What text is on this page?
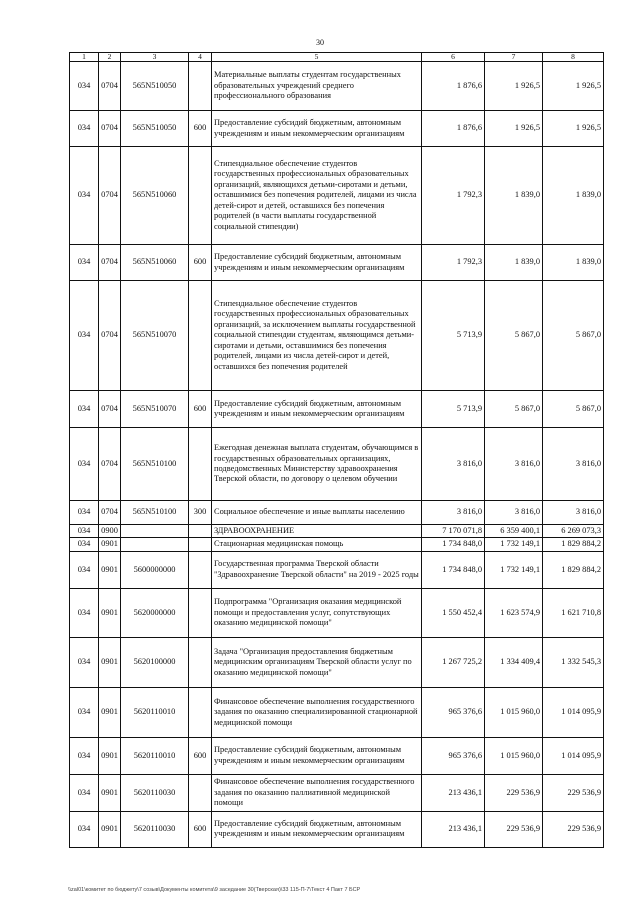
30
1	2	3	4	5	6	7	8
034	0704	565N510050		Материальные выплаты студентам государственных образовательных учреждений среднего профессионального образования	1 876,6	1 926,5	1 926,5
034	0704	565N510050	600	Предоставление субсидий бюджетным, автономным учреждениям и иным некоммерческим организациям	1 876,6	1 926,5	1 926,5
034	0704	565N510060		Стипендиальное обеспечение студентов государственных профессиональных образовательных организаций, являющихся детьми-сиротами и детьми, оставшимися без попечения родителей, лицами из числа детей-сирот и детей, оставшихся без попечения родителей (в части выплаты государственной социальной стипендии)	1 792,3	1 839,0	1 839,0
034	0704	565N510060	600	Предоставление субсидий бюджетным, автономным учреждениям и иным некоммерческим организациям	1 792,3	1 839,0	1 839,0
034	0704	565N510070		Стипендиальное обеспечение студентов государственных профессиональных образовательных организаций, за исключением выплаты государственной социальной стипендии студентам, являющимся детьми-сиротами и детьми, оставшимися без попечения родителей, лицами из числа детей-сирот и детей, оставшихся без попечения родителей	5 713,9	5 867,0	5 867,0
034	0704	565N510070	600	Предоставление субсидий бюджетным, автономным учреждениям и иным некоммерческим организациям	5 713,9	5 867,0	5 867,0
034	0704	565N510100		Ежегодная денежная выплата студентам, обучающимся в государственных образовательных организациях, подведомственных Министерству здравоохранения Тверской области, по договору о целевом обучении	3 816,0	3 816,0	3 816,0
034	0704	565N510100	300	Социальное обеспечение и иные выплаты населению	3 816,0	3 816,0	3 816,0
034	0900			ЗДРАВООХРАНЕНИЕ	7 170 071,8	6 359 400,1	6 269 073,3
034	0901			Стационарная медицинская помощь	1 734 848,0	1 732 149,1	1 829 884,2
034	0901	5600000000		Государственная программа Тверской области "Здравоохранение Тверской области" на 2019 - 2025 годы	1 734 848,0	1 732 149,1	1 829 884,2
034	0901	5620000000		Подпрограмма "Организация оказания медицинской помощи и предоставления услуг, сопутствующих оказанию медицинской помощи"	1 550 452,4	1 623 574,9	1 621 710,8
034	0901	5620100000		Задача "Организация предоставления бюджетным медицинским организациям Тверской области услуг по оказанию медицинской помощи"	1 267 725,2	1 334 409,4	1 332 545,3
034	0901	5620110010		Финансовое обеспечение выполнения государственного задания по оказанию специализированной стационарной медицинской помощи	965 376,6	1 015 960,0	1 014 095,9
034	0901	5620110010	600	Предоставление субсидий бюджетным, автономным учреждениям и иным некоммерческим организациям	965 376,6	1 015 960,0	1 014 095,9
034	0901	5620110030		Финансовое обеспечение выполнения государственного задания по оказанию паллиативной медицинской помощи	213 436,1	229 536,9	229 536,9
034	0901	5620110030	600	Предоставление субсидий бюджетным, автономным учреждениям и иным некоммерческим организациям	213 436,1	229 536,9	229 536,9
\\zal01\комитет по бюджету\7 созыв\Документы комитета\9 заседание 30(Тверская)\33 115-П-7\Текст 4 Пакт 7 БСР
